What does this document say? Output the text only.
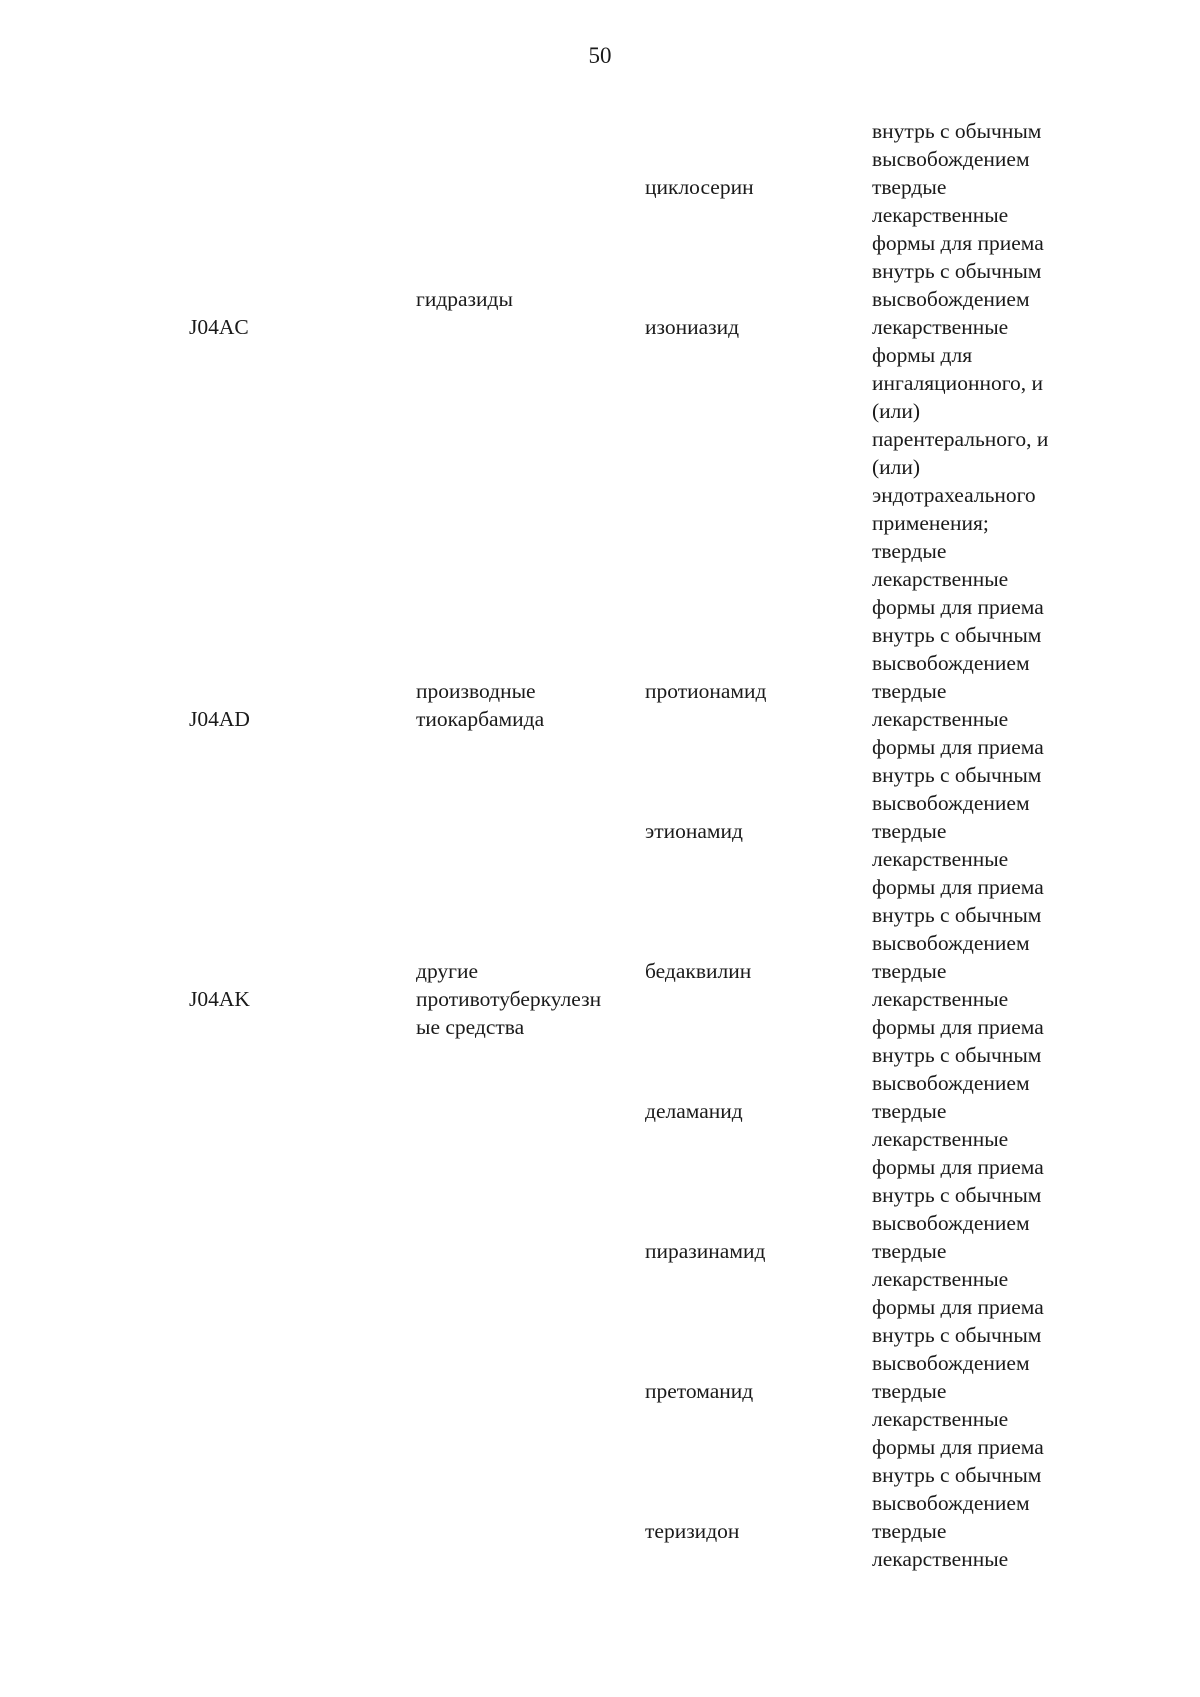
50
J04AC
J04AD
J04AK
гидразиды
производные
тиокарбамида
другие
противотуберкулезн
ые средства
циклосерин
изониазид
протионамид
этионамид
бедаквилин
деламанид
пиразинамид
претоманид
теризидон
внутрь с обычным
высвобождением
твердые
лекарственные
формы для приема
внутрь с обычным
высвобождением
лекарственные
формы для
ингаляционного, и
(или)
парентерального, и
(или)
эндотрахеального
применения;
твердые
лекарственные
формы для приема
внутрь с обычным
высвобождением
твердые
лекарственные
формы для приема
внутрь с обычным
высвобождением
твердые
лекарственные
формы для приема
внутрь с обычным
высвобождением
твердые
лекарственные
формы для приема
внутрь с обычным
высвобождением
твердые
лекарственные
формы для приема
внутрь с обычным
высвобождением
твердые
лекарственные
формы для приема
внутрь с обычным
высвобождением
твердые
лекарственные
формы для приема
внутрь с обычным
высвобождением
твердые
лекарственные
